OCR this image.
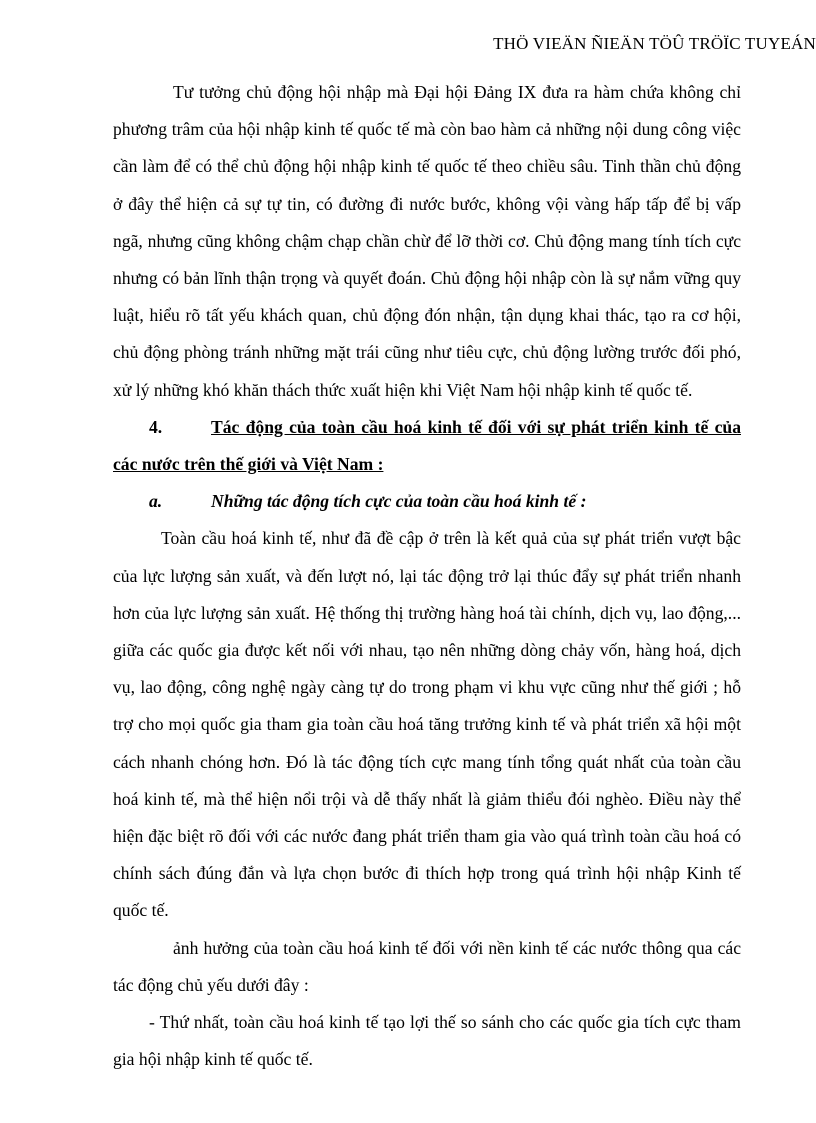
THÖ VIEÄN ÑIEÄN TÖÛ TRÖÏC TUYEÁN

Tư tưởng chủ động hội nhập mà Đại hội Đảng IX đưa ra hàm chứa không chỉ phương trâm của hội nhập kinh tế quốc tế mà còn bao hàm cả những nội dung công việc cần làm để có thể chủ động hội nhập kinh tế quốc tế theo chiều sâu. Tinh thần chủ động ở đây thể hiện cả sự tự tin, có đường đi nước bước, không vội vàng hấp tấp để bị vấp ngã, nhưng cũng không chậm chạp chần chừ để lỡ thời cơ. Chủ động mang tính tích cực nhưng có bản lĩnh thận trọng và quyết đoán. Chủ động hội nhập còn là sự nắm vững quy luật, hiểu rõ tất yếu khách quan, chủ động đón nhận, tận dụng khai thác, tạo ra cơ hội, chủ động phòng tránh những mặt trái cũng như tiêu cực, chủ động lường trước đối phó, xử lý những khó khăn thách thức xuất hiện khi Việt Nam hội nhập kinh tế quốc tế.

4.	Tác động của toàn cầu hoá kinh tế đối với sự phát triển kinh tế của các nước trên thế giới và Việt Nam :

a.	Những tác động tích cực của toàn cầu hoá kinh tế :

Toàn cầu hoá kinh tế, như đã đề cập ở trên là kết quả của sự phát triển vượt bậc của lực lượng sản xuất, và đến lượt nó, lại tác động trở lại thúc đẩy sự phát triển nhanh hơn của lực lượng sản xuất. Hệ thống thị trường hàng hoá tài chính, dịch vụ, lao động,... giữa các quốc gia được kết nối với nhau, tạo nên những dòng chảy vốn, hàng hoá, dịch vụ, lao động, công nghệ ngày càng tự do trong phạm vi khu vực cũng như thế giới ; hỗ trợ cho mọi quốc gia tham gia toàn cầu hoá tăng trưởng kinh tế và phát triển xã hội một cách nhanh chóng hơn. Đó là tác động tích cực mang tính tổng quát nhất của toàn cầu hoá kinh tế, mà thể hiện nổi trội và dễ thấy nhất là giảm thiểu đói nghèo. Điều này thể hiện đặc biệt rõ đối với các nước đang phát triển tham gia vào quá trình toàn cầu hoá có chính sách đúng đắn và lựa chọn bước đi thích hợp trong quá trình hội nhập Kinh tế quốc tế.

ảnh hưởng của toàn cầu hoá kinh tế đối với nền kinh tế các nước thông qua các tác động chủ yếu dưới đây :

- Thứ nhất, toàn cầu hoá kinh tế tạo lợi thế so sánh cho các quốc gia tích cực tham gia hội nhập kinh tế quốc tế.
